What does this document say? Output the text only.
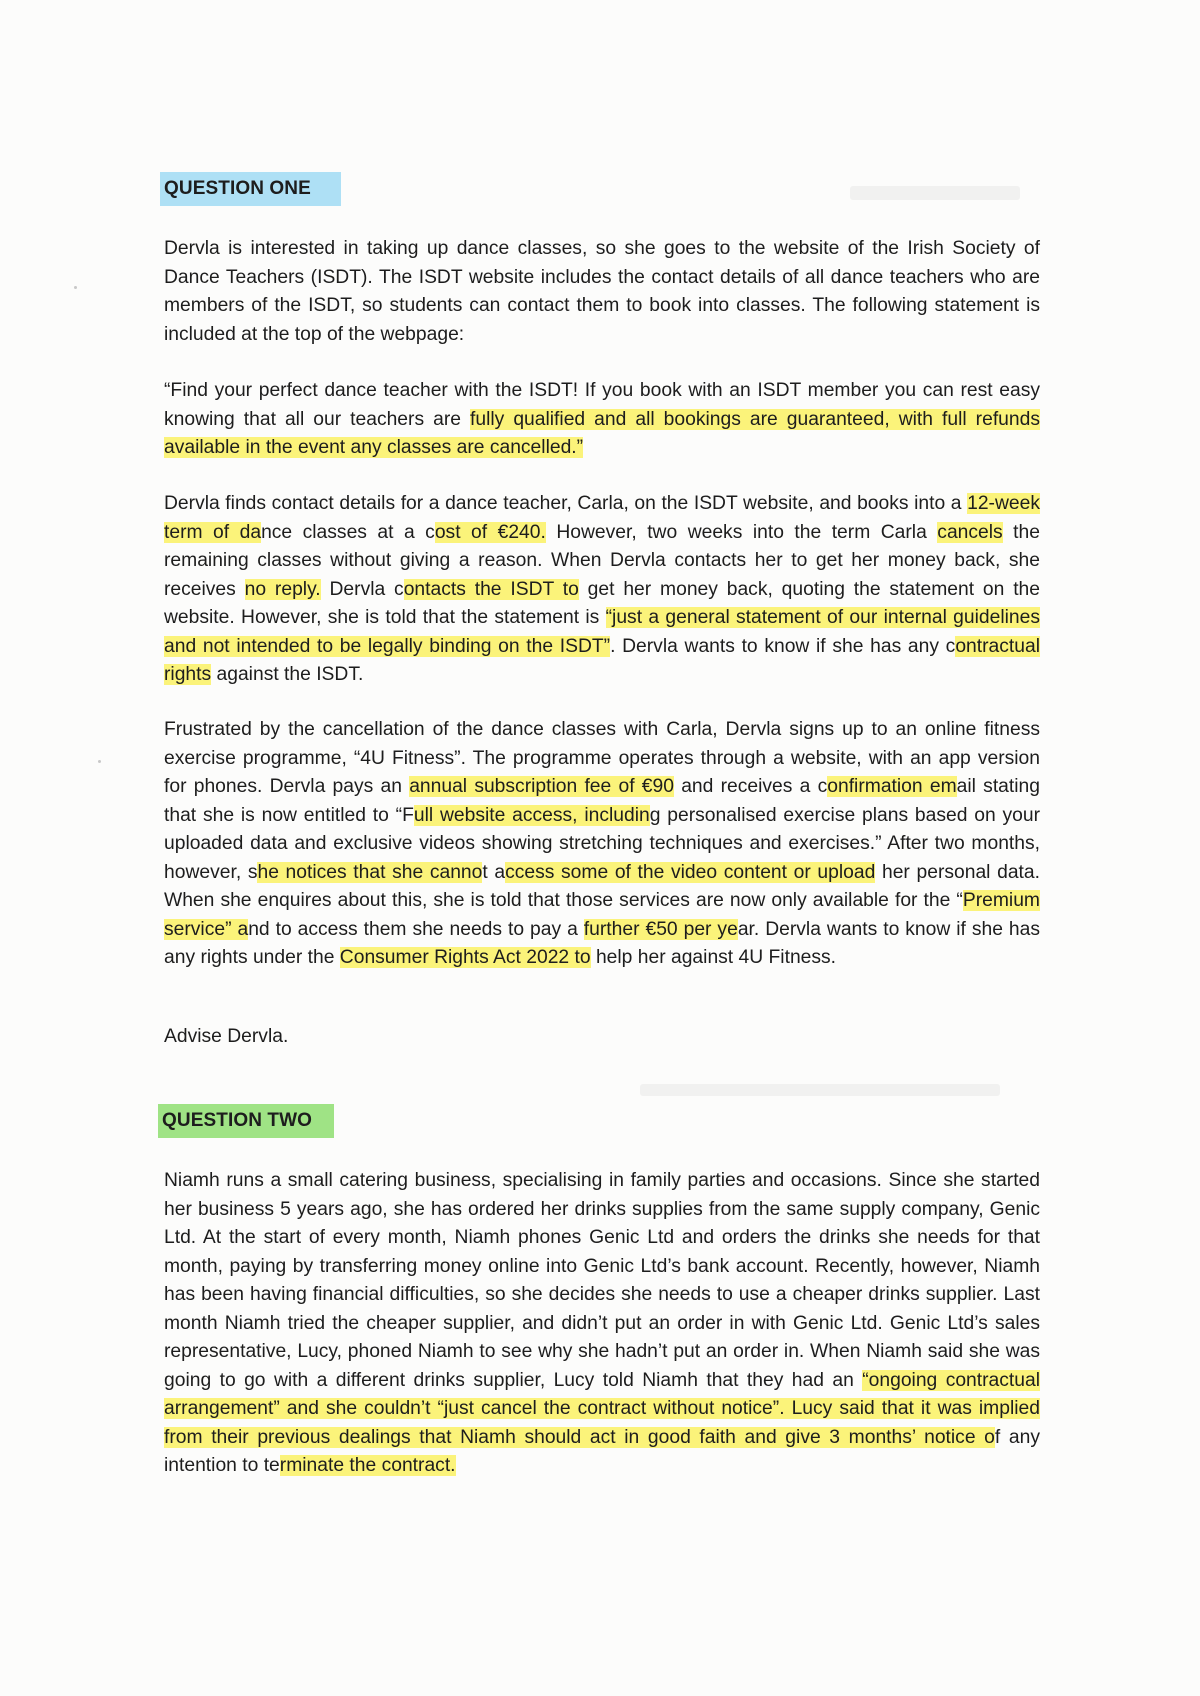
QUESTION ONE

Dervla is interested in taking up dance classes, so she goes to the website of the Irish Society of Dance Teachers (ISDT). The ISDT website includes the contact details of all dance teachers who are members of the ISDT, so students can contact them to book into classes. The following statement is included at the top of the webpage:

“Find your perfect dance teacher with the ISDT! If you book with an ISDT member you can rest easy knowing that all our teachers are fully qualified and all bookings are guaranteed, with full refunds available in the event any classes are cancelled.”

Dervla finds contact details for a dance teacher, Carla, on the ISDT website, and books into a 12-week term of dance classes at a cost of €240. However, two weeks into the term Carla cancels the remaining classes without giving a reason. When Dervla contacts her to get her money back, she receives no reply. Dervla contacts the ISDT to get her money back, quoting the statement on the website. However, she is told that the statement is “just a general statement of our internal guidelines and not intended to be legally binding on the ISDT”. Dervla wants to know if she has any contractual rights against the ISDT.

Frustrated by the cancellation of the dance classes with Carla, Dervla signs up to an online fitness exercise programme, “4U Fitness”. The programme operates through a website, with an app version for phones. Dervla pays an annual subscription fee of €90 and receives a confirmation email stating that she is now entitled to “Full website access, including personalised exercise plans based on your uploaded data and exclusive videos showing stretching techniques and exercises.” After two months, however, she notices that she cannot access some of the video content or upload her personal data. When she enquires about this, she is told that those services are now only available for the “Premium service” and to access them she needs to pay a further €50 per year. Dervla wants to know if she has any rights under the Consumer Rights Act 2022 to help her against 4U Fitness.

Advise Dervla.

QUESTION TWO

Niamh runs a small catering business, specialising in family parties and occasions. Since she started her business 5 years ago, she has ordered her drinks supplies from the same supply company, Genic Ltd. At the start of every month, Niamh phones Genic Ltd and orders the drinks she needs for that month, paying by transferring money online into Genic Ltd’s bank account. Recently, however, Niamh has been having financial difficulties, so she decides she needs to use a cheaper drinks supplier. Last month Niamh tried the cheaper supplier, and didn’t put an order in with Genic Ltd. Genic Ltd’s sales representative, Lucy, phoned Niamh to see why she hadn’t put an order in. When Niamh said she was going to go with a different drinks supplier, Lucy told Niamh that they had an “ongoing contractual arrangement” and she couldn’t “just cancel the contract without notice”. Lucy said that it was implied from their previous dealings that Niamh should act in good faith and give 3 months’ notice of any intention to terminate the contract.
